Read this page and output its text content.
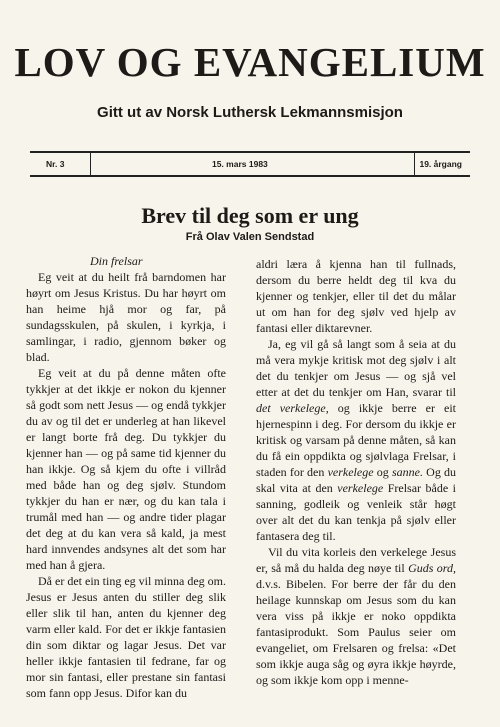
LOV OG EVANGELIUM
Gitt ut av Norsk Luthersk Lekmannsmisjon
Nr. 3	15. mars 1983	19. årgang
Brev til deg som er ung
Frå Olav Valen Sendstad

Din frelsar

Eg veit at du heilt frå barndomen har høyrt om Jesus Kristus. Du har høyrt om han heime hjå mor og far, på sundagsskulen, på skulen, i kyrkja, i samlingar, i radio, gjennom bøker og blad.

Eg veit at du på denne måten ofte tykkjer at det ikkje er nokon du kjenner så godt som nett Jesus — og endå tykkjer du av og til det er underleg at han likevel er langt borte frå deg. Du tykkjer du kjenner han — og på same tid kjenner du han ikkje. Og så kjem du ofte i villråd med både han og deg sjølv. Stundom tykkjer du han er nær, og du kan tala i trumål med han — og andre tider plagar det deg at du kan vera så kald, ja mest hard innvendes andsynes alt det som har med han å gjera.

Då er det ein ting eg vil minna deg om. Jesus er Jesus anten du stiller deg slik eller slik til han, anten du kjenner deg varm eller kald. For det er ikkje fantasien din som diktar og lagar Jesus. Det var heller ikkje fantasien til fedrane, far og mor sin fantasi, eller prestane sin fantasi som fann opp Jesus. Difor kan du

aldri læra å kjenna han til fullnads, dersom du berre heldt deg til kva du kjenner og tenkjer, eller til det du målar ut om han for deg sjølv ved hjelp av fantasi eller diktarevner.

Ja, eg vil gå så langt som å seia at du må vera mykje kritisk mot deg sjølv i alt det du tenkjer om Jesus — og sjå vel etter at det du tenkjer om Han, svarar til det verkelege, og ikkje berre er eit hjernespinn i deg. For dersom du ikkje er kritisk og varsam på denne måten, så kan du få ein oppdikta og sjølvlaga Frelsar, i staden for den verkelege og sanne. Og du skal vita at den verkelege Frelsar både i sanning, godleik og venleik står høgt over alt det du kan tenkja på sjølv eller fantasera deg til.

Vil du vita korleis den verkelege Jesus er, så må du halda deg nøye til Guds ord, d.v.s. Bibelen. For berre der får du den heilage kunnskap om Jesus som du kan vera viss på ikkje er noko oppdikta fantasiprodukt. Som Paulus seier om evangeliet, om Frelsaren og frelsa: «Det som ikkje auga såg og øyra ikkje høyrde, og som ikkje kom opp i menne-
